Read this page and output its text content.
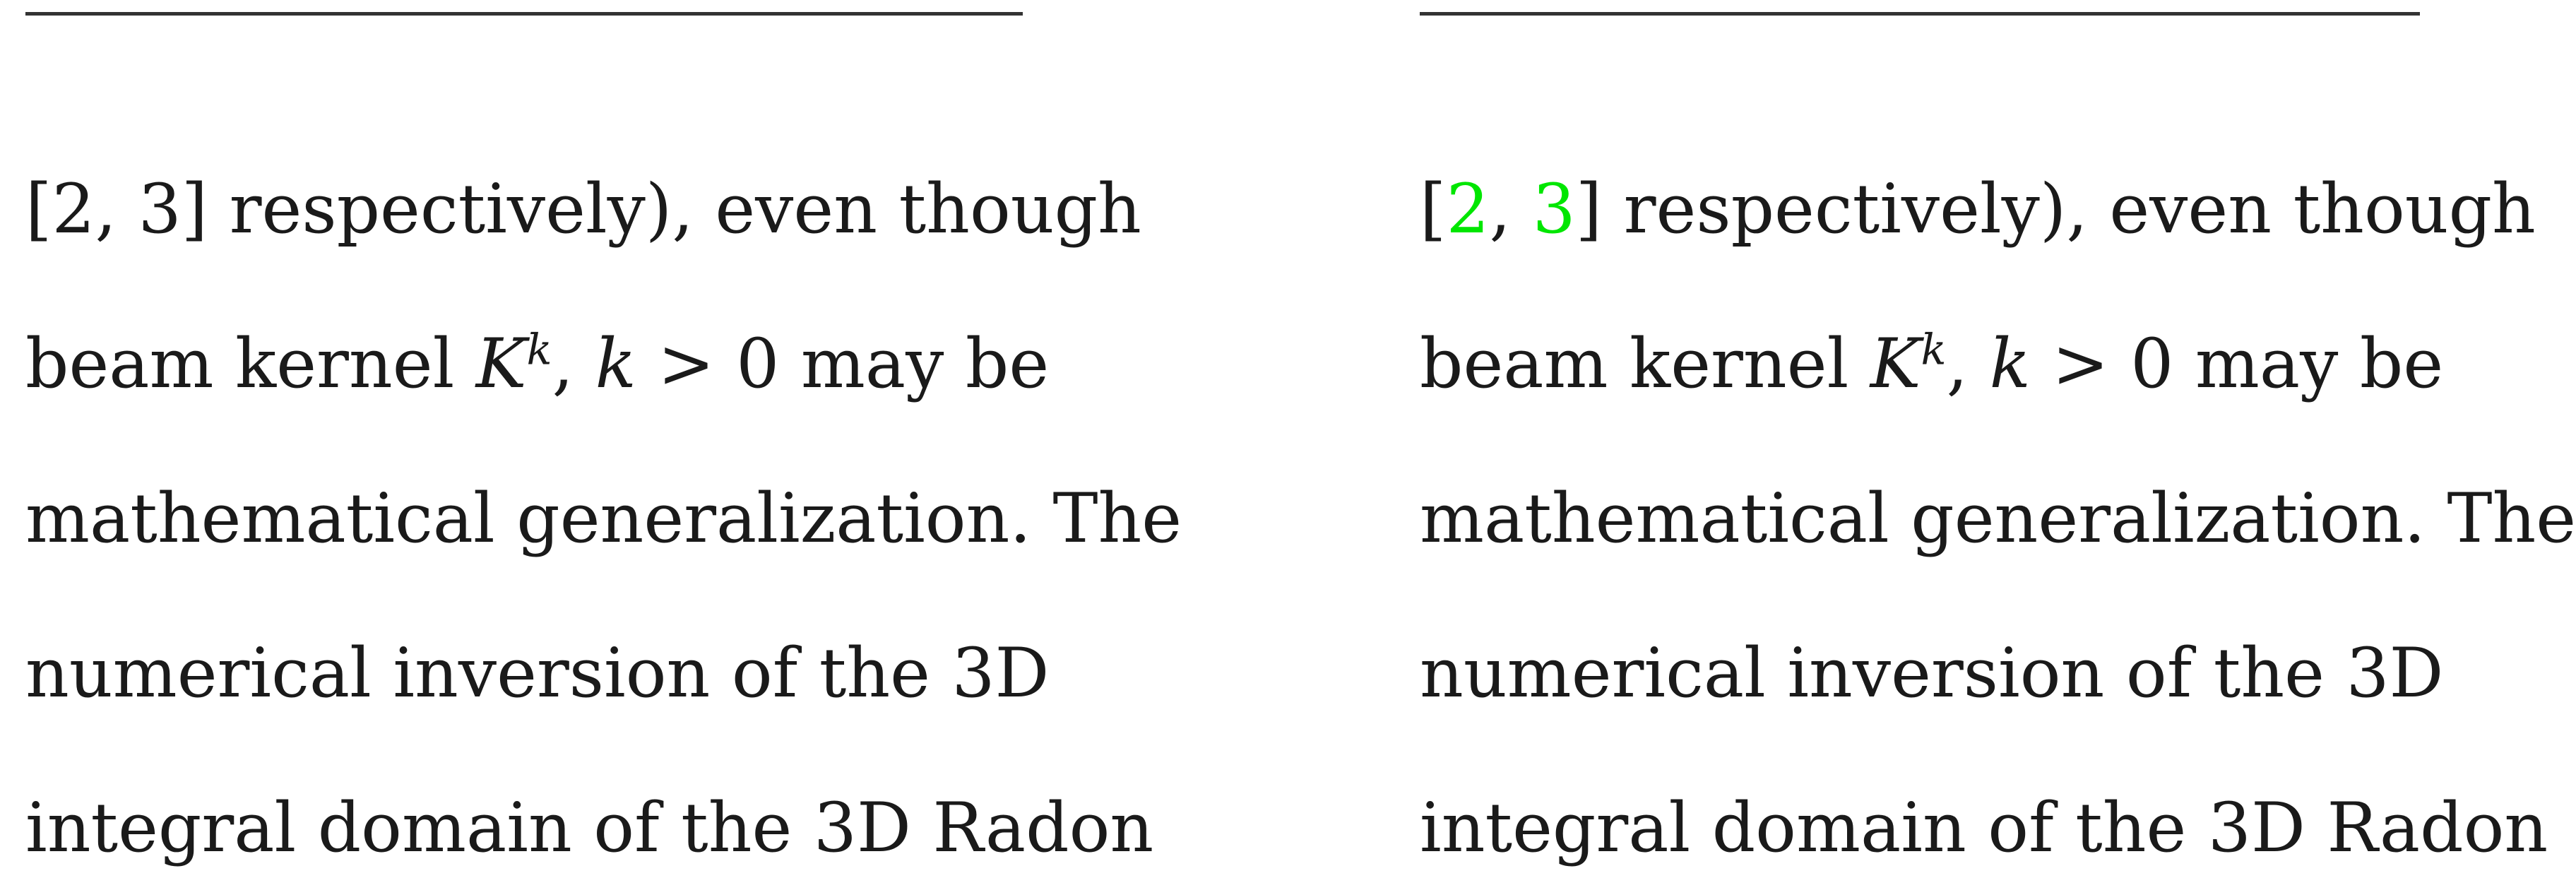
[2, 3] respectively), even though
beam kernel $K^k$, k > 0 may be
mathematical generalization. The
numerical inversion of the 3D
integral domain of the 3D Radon
[2, 3] respectively), even though
beam kernel $K^k$, k > 0 may be
mathematical generalization. The
numerical inversion of the 3D
integral domain of the 3D Radon
